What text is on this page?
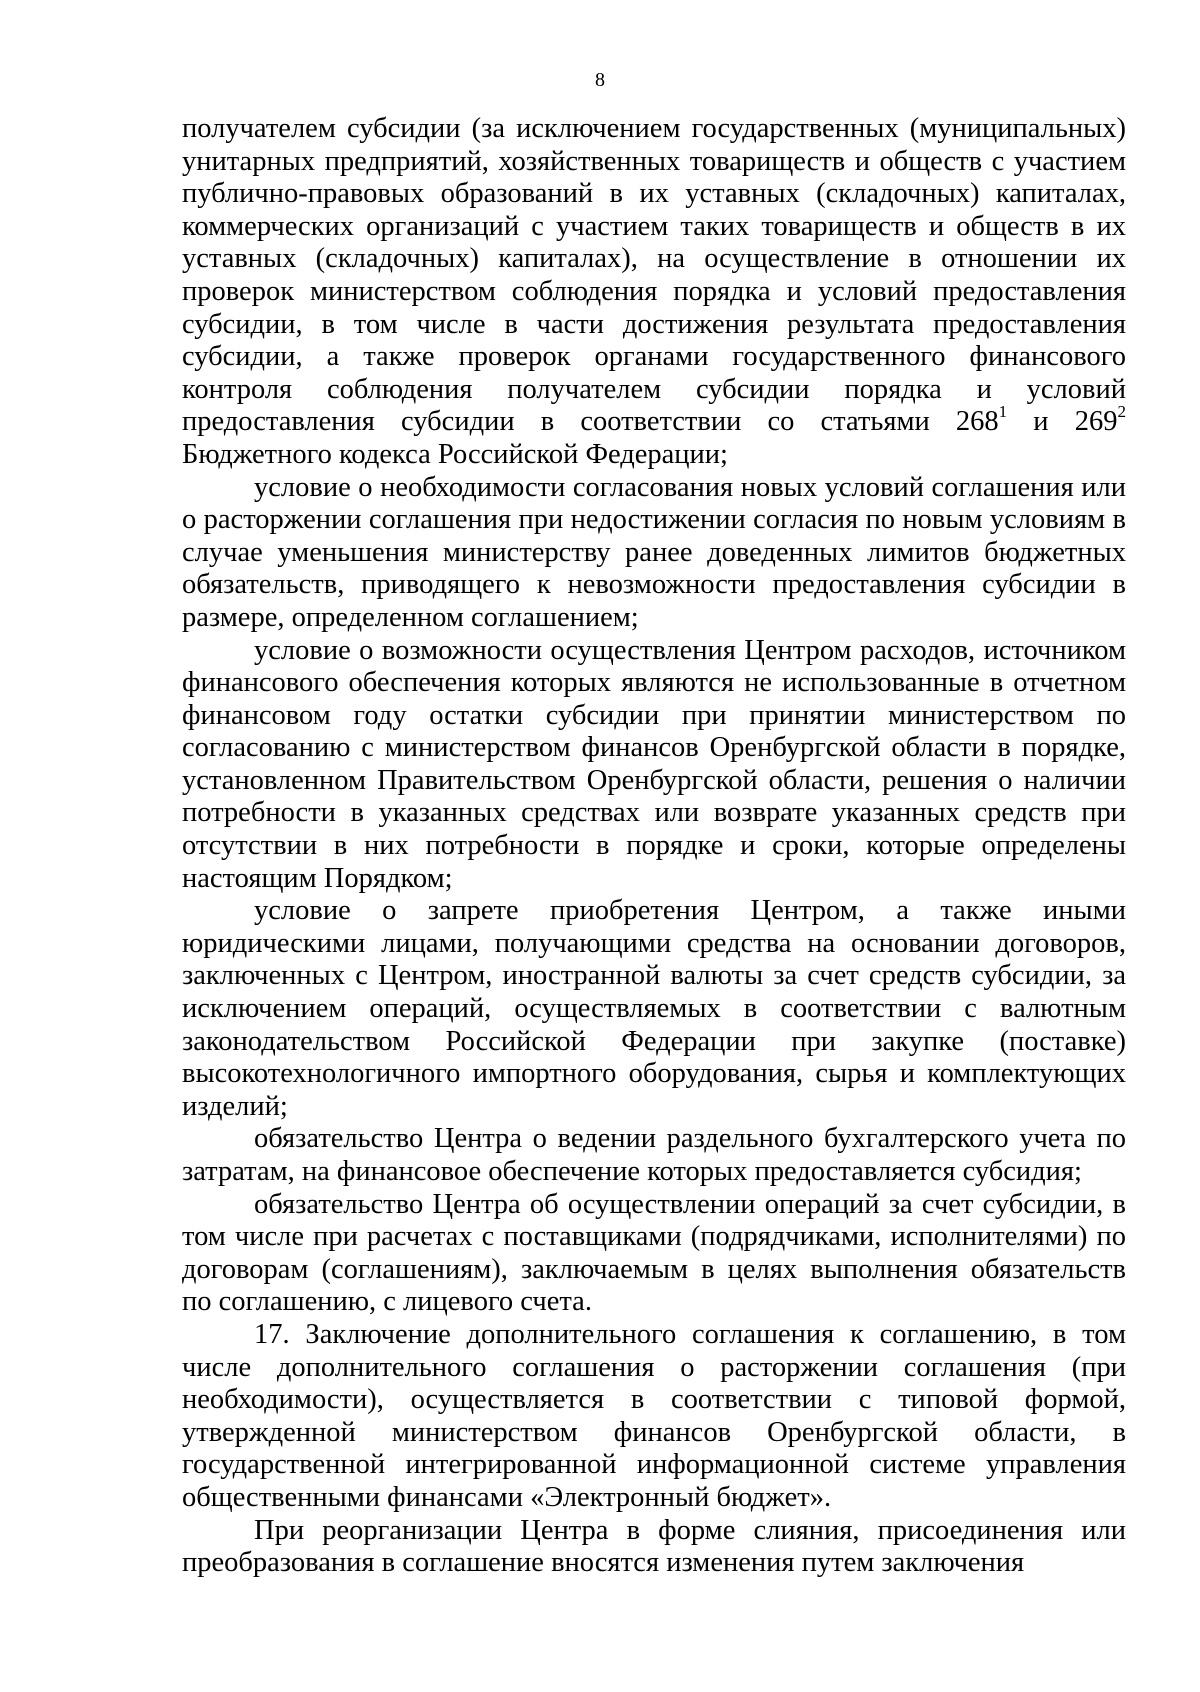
8

получателем субсидии (за исключением государственных (муниципальных) унитарных предприятий, хозяйственных товариществ и обществ с участием публично-правовых образований в их уставных (складочных) капиталах, коммерческих организаций с участием таких товариществ и обществ в их уставных (складочных) капиталах), на осуществление в отношении их проверок министерством соблюдения порядка и условий предоставления субсидии, в том числе в части достижения результата предоставления субсидии, а также проверок органами государственного финансового контроля соблюдения получателем субсидии порядка и условий предоставления субсидии в соответствии со статьями $268^1$ и $269^2$ Бюджетного кодекса Российской Федерации;

условие о необходимости согласования новых условий соглашения или о расторжении соглашения при недостижении согласия по новым условиям в случае уменьшения министерству ранее доведенных лимитов бюджетных обязательств, приводящего к невозможности предоставления субсидии в размере, определенном соглашением;

условие о возможности осуществления Центром расходов, источником финансового обеспечения которых являются не использованные в отчетном финансовом году остатки субсидии при принятии министерством по согласованию с министерством финансов Оренбургской области в порядке, установленном Правительством Оренбургской области, решения о наличии потребности в указанных средствах или возврате указанных средств при отсутствии в них потребности в порядке и сроки, которые определены настоящим Порядком;

условие о запрете приобретения Центром, а также иными юридическими лицами, получающими средства на основании договоров, заключенных с Центром, иностранной валюты за счет средств субсидии, за исключением операций, осуществляемых в соответствии с валютным законодательством Российской Федерации при закупке (поставке) высокотехнологичного импортного оборудования, сырья и комплектующих изделий;

обязательство Центра о ведении раздельного бухгалтерского учета по затратам, на финансовое обеспечение которых предоставляется субсидия;

обязательство Центра об осуществлении операций за счет субсидии, в том числе при расчетах с поставщиками (подрядчиками, исполнителями) по договорам (соглашениям), заключаемым в целях выполнения обязательств по соглашению, с лицевого счета.

17. Заключение дополнительного соглашения к соглашению, в том числе дополнительного соглашения о расторжении соглашения (при необходимости), осуществляется в соответствии с типовой формой, утвержденной министерством финансов Оренбургской области, в государственной интегрированной информационной системе управления общественными финансами «Электронный бюджет».

При реорганизации Центра в форме слияния, присоединения или преобразования в соглашение вносятся изменения путем заключения
